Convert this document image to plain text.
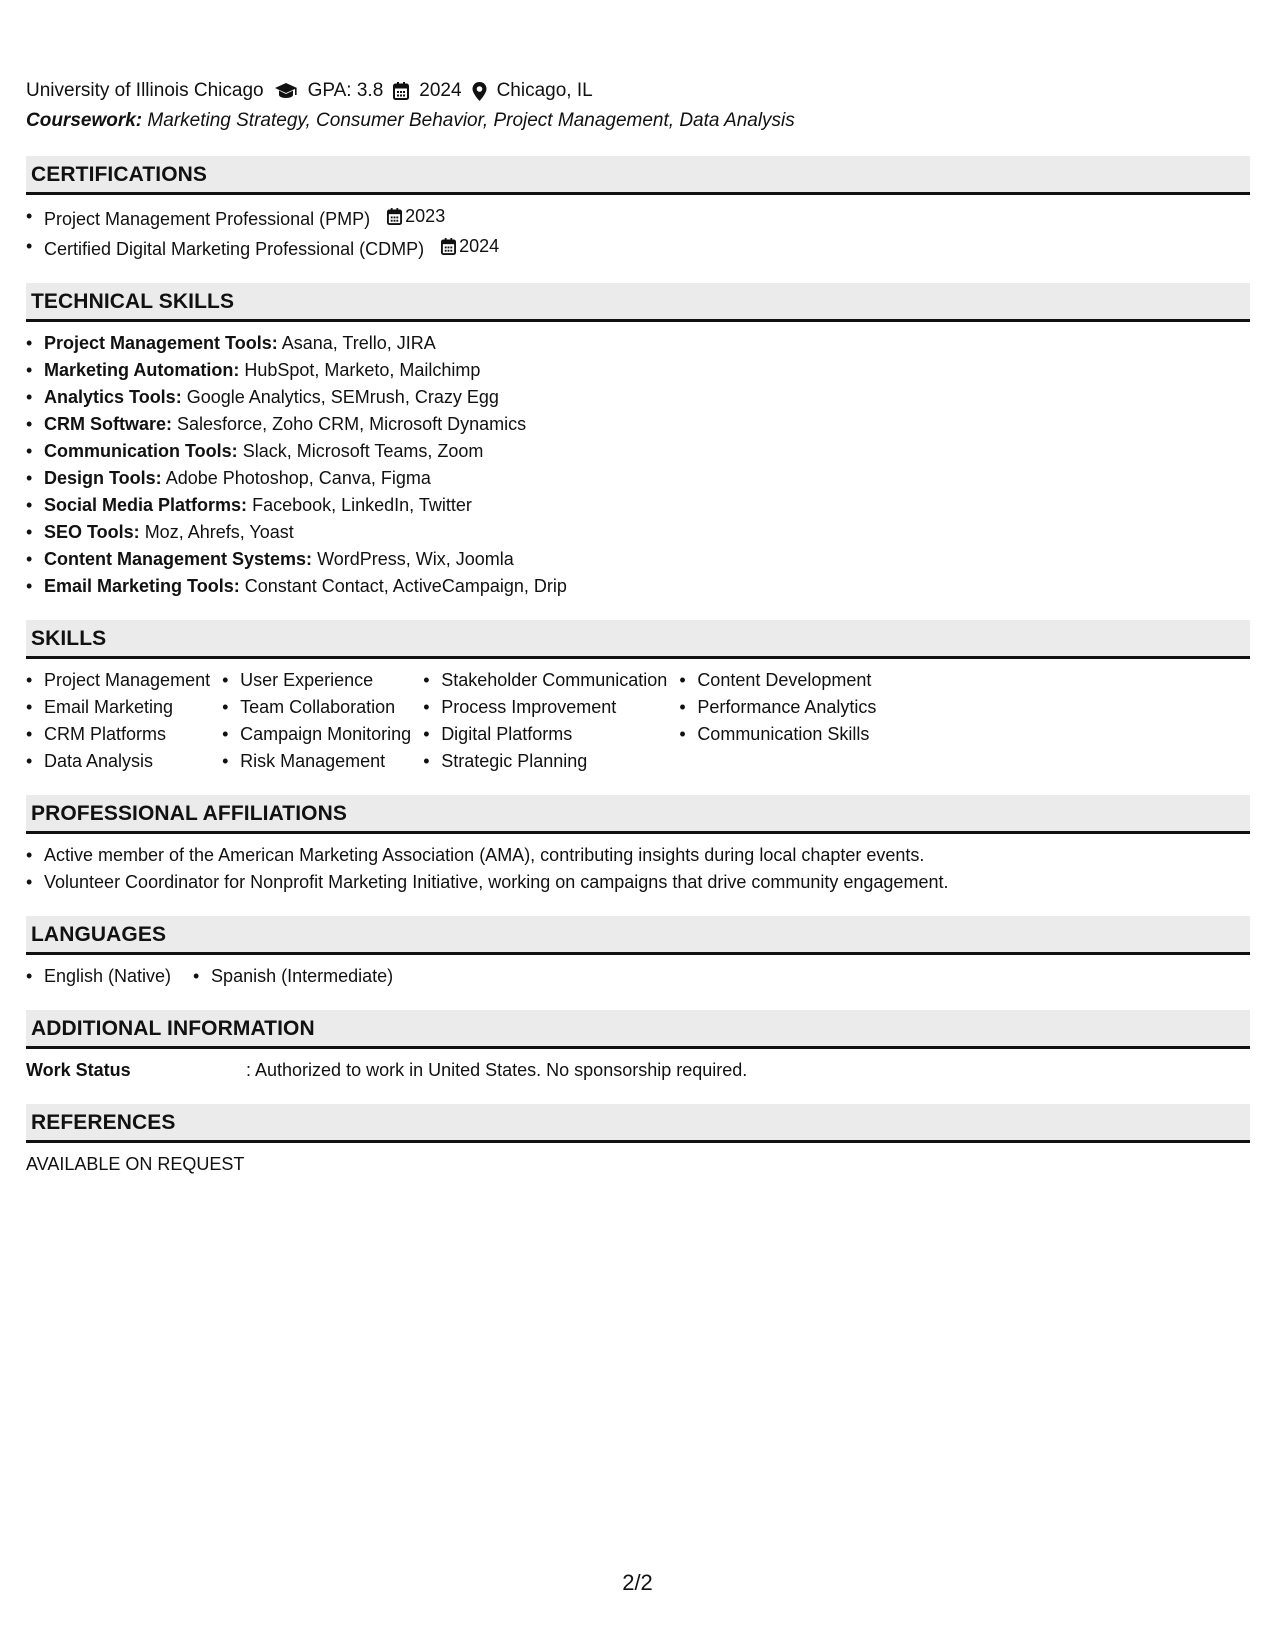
University of Illinois Chicago GPA: 3.8 2024 Chicago, IL
Coursework: Marketing Strategy, Consumer Behavior, Project Management, Data Analysis
CERTIFICATIONS
• Project Management Professional (PMP) 2023
• Certified Digital Marketing Professional (CDMP) 2024
TECHNICAL SKILLS
• Project Management Tools: Asana, Trello, JIRA
• Marketing Automation: HubSpot, Marketo, Mailchimp
• Analytics Tools: Google Analytics, SEMrush, Crazy Egg
• CRM Software: Salesforce, Zoho CRM, Microsoft Dynamics
• Communication Tools: Slack, Microsoft Teams, Zoom
• Design Tools: Adobe Photoshop, Canva, Figma
• Social Media Platforms: Facebook, LinkedIn, Twitter
• SEO Tools: Moz, Ahrefs, Yoast
• Content Management Systems: WordPress, Wix, Joomla
• Email Marketing Tools: Constant Contact, ActiveCampaign, Drip
SKILLS
• Project Management
• Email Marketing
• CRM Platforms
• Data Analysis
• User Experience
• Team Collaboration
• Campaign Monitoring
• Risk Management
• Stakeholder Communication
• Process Improvement
• Digital Platforms
• Strategic Planning
• Content Development
• Performance Analytics
• Communication Skills
PROFESSIONAL AFFILIATIONS
• Active member of the American Marketing Association (AMA), contributing insights during local chapter events.
• Volunteer Coordinator for Nonprofit Marketing Initiative, working on campaigns that drive community engagement.
LANGUAGES
• English (Native)
•	Spanish (Intermediate)
ADDITIONAL INFORMATION
Work Status	: Authorized to work in United States. No sponsorship required.
REFERENCES
AVAILABLE ON REQUEST
2/2
